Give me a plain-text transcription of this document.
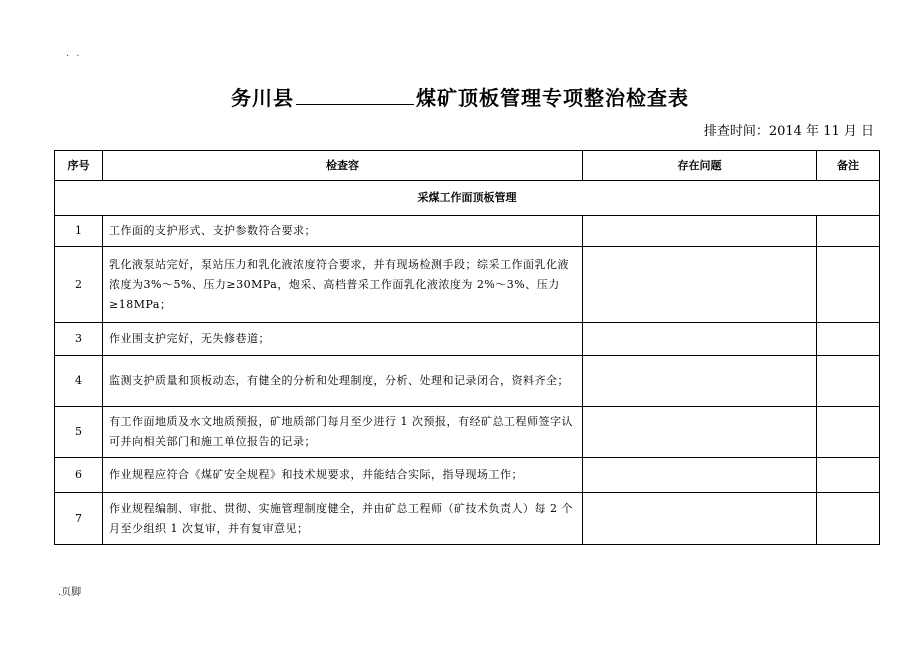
. .
务川县	煤矿顶板管理专项整治检查表
排查时间：2014 年 11 月 日
序号	检查容	存在问题	备注
采煤工作面顶板管理			
1	工作面的支护形式、支护参数符合要求；		
2	乳化液泵站完好，泵站压力和乳化液浓度符合要求，并有现场检测手段；综采工作面乳化液浓度为3%～5%、压力≥30MPa，炮采、高档普采工作面乳化液浓度为 2%～3%、压力≥18MPa；		
3	作业围支护完好，无失修巷道；		
4	监测支护质量和顶板动态，有健全的分析和处理制度，分析、处理和记录闭合，资料齐全；		
5	有工作面地质及水文地质预报，矿地质部门每月至少进行 1 次预报，有经矿总工程师签字认可并向相关部门和施工单位报告的记录；		
6	作业规程应符合《煤矿安全规程》和技术规要求，并能结合实际，指导现场工作；		
7	作业规程编制、审批、贯彻、实施管理制度健全，并由矿总工程师（矿技术负责人）每 2 个月至少组织 1 次复审，并有复审意见；		
.页脚
